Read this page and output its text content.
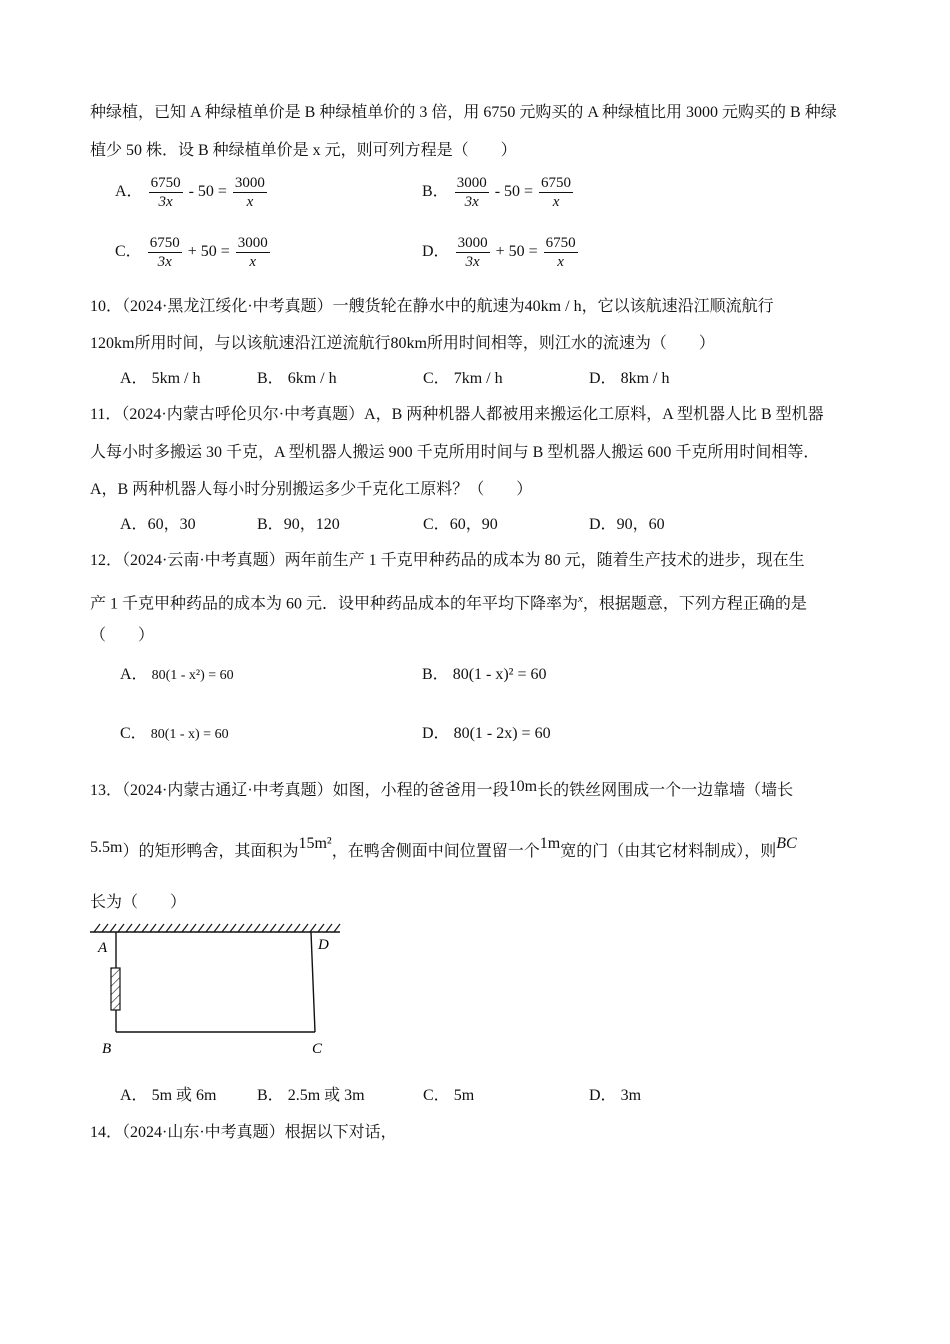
种绿植，已知 A 种绿植单价是 B 种绿植单价的 3 倍，用 6750 元购买的 A 种绿植比用 3000 元购买的 B 种绿
植少 50 株．设 B 种绿植单价是 x 元，则可列方程是（　　）
A． $\frac{6750}{3x} - 50 = \frac{3000}{x}$	B． $\frac{3000}{3x} - 50 = \frac{6750}{x}$
C． $\frac{6750}{3x} + 50 = \frac{3000}{x}$	D． $\frac{3000}{3x} + 50 = \frac{6750}{x}$
10．（2024·黑龙江绥化·中考真题）一艘货轮在静水中的航速为40km / h，它以该航速沿江顺流航行
120km所用时间，与以该航速沿江逆流航行80km所用时间相等，则江水的流速为（　　）
A． 5km / h	B． 6km / h	C． 7km / h	D． 8km / h
11．（2024·内蒙古呼伦贝尔·中考真题）A，B 两种机器人都被用来搬运化工原料，A 型机器人比 B 型机器
人每小时多搬运 30 千克，A 型机器人搬运 900 千克所用时间与 B 型机器人搬运 600 千克所用时间相等．
A，B 两种机器人每小时分别搬运多少千克化工原料？（　　）
A．60，30	B．90，120	C．60，90	D．90，60
12．（2024·云南·中考真题）两年前生产 1 千克甲种药品的成本为 80 元，随着生产技术的进步，现在生
产 1 千克甲种药品的成本为 60 元．设甲种药品成本的年平均下降率为$^x$，根据题意，下列方程正确的是
（　　）
A． 80(1 - x²) = 60	B． 80(1 - x)² = 60
C． 80(1 - x) = 60	D． 80(1 - 2x) = 60
13．（2024·内蒙古通辽·中考真题）如图，小程的爸爸用一段10m长的铁丝网围成一个一边靠墙（墙长
5.5m）的矩形鸭舍，其面积为15m²，在鸭舍侧面中间位置留一个1m宽的门（由其它材料制成），则BC
长为（　　）
A	D
B	C
A． 5m 或 6m	B． 2.5m 或 3m	C． 5m	D． 3m
14．（2024·山东·中考真题）根据以下对话，
